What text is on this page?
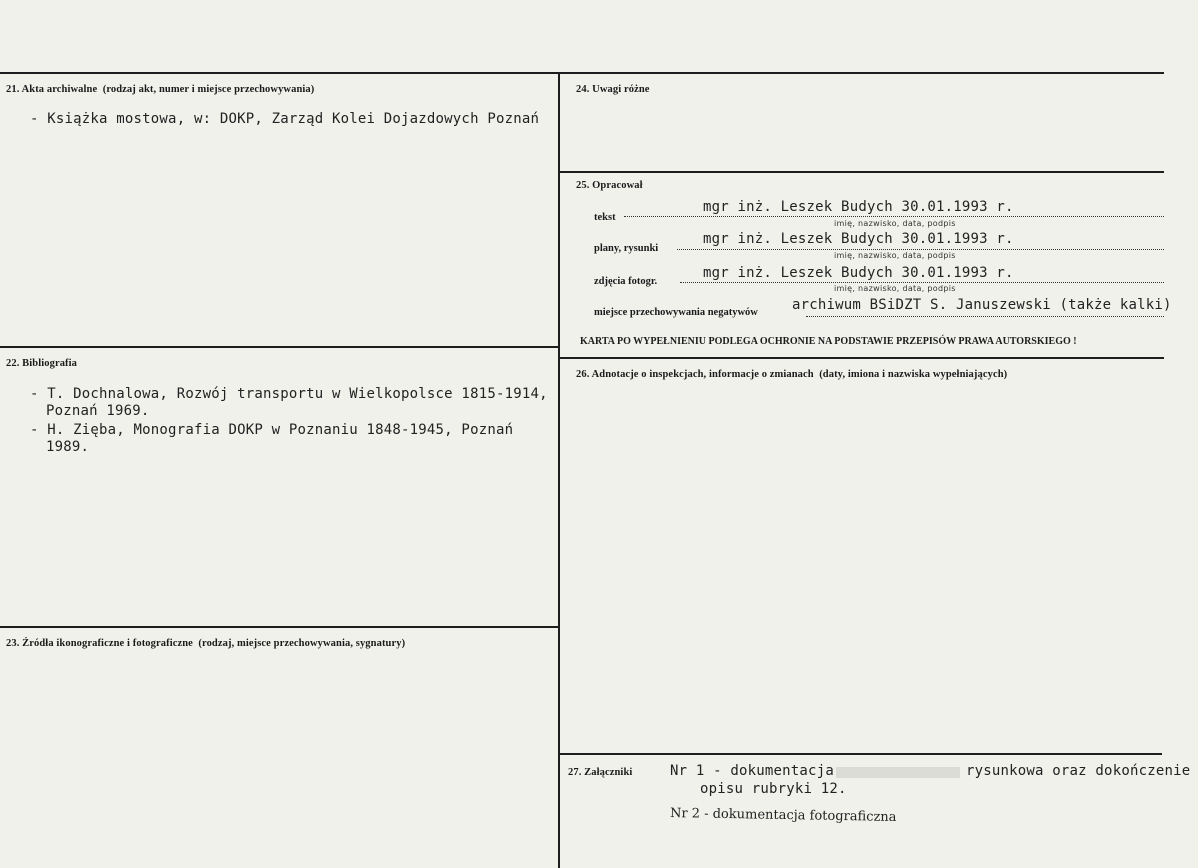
21. Akta archiwalne (rodzaj akt, numer i miejsce przechowywania)
- Książka mostowa, w: DOKP, Zarząd Kolei Dojazdowych Poznań
22. Bibliografia
- T. Dochnalowa, Rozwój transportu w Wielkopolsce 1815-1914,
Poznań 1969.
- H. Zięba, Monografia DOKP w Poznaniu 1848-1945, Poznań
1989.
23. Źródła ikonograficzne i fotograficzne (rodzaj, miejsce przechowywania, sygnatury)
24. Uwagi różne
25. Opracował
tekst
mgr inż. Leszek Budych 30.01.1993 r.
imię, nazwisko, data, podpis
plany, rysunki
mgr inż. Leszek Budych 30.01.1993 r.
imię, nazwisko, data, podpis
zdjęcia fotogr.
mgr inż. Leszek Budych 30.01.1993 r.
imię, nazwisko, data, podpis
miejsce przechowywania negatywów archiwum BSiDZT S. Januszewski (także kalki)
KARTA PO WYPEŁNIENIU PODLEGA OCHRONIE NA PODSTAWIE PRZEPISÓW PRAWA AUTORSKIEGO !
26. Adnotacje o inspekcjach, informacje o zmianach (daty, imiona i nazwiska wypełniających)
27. Załączniki	Nr 1 - dokumentacja	rysunkowa oraz dokończenie
opisu rubryki 12.
Nr 2 - dokumentacja fotograficzna
